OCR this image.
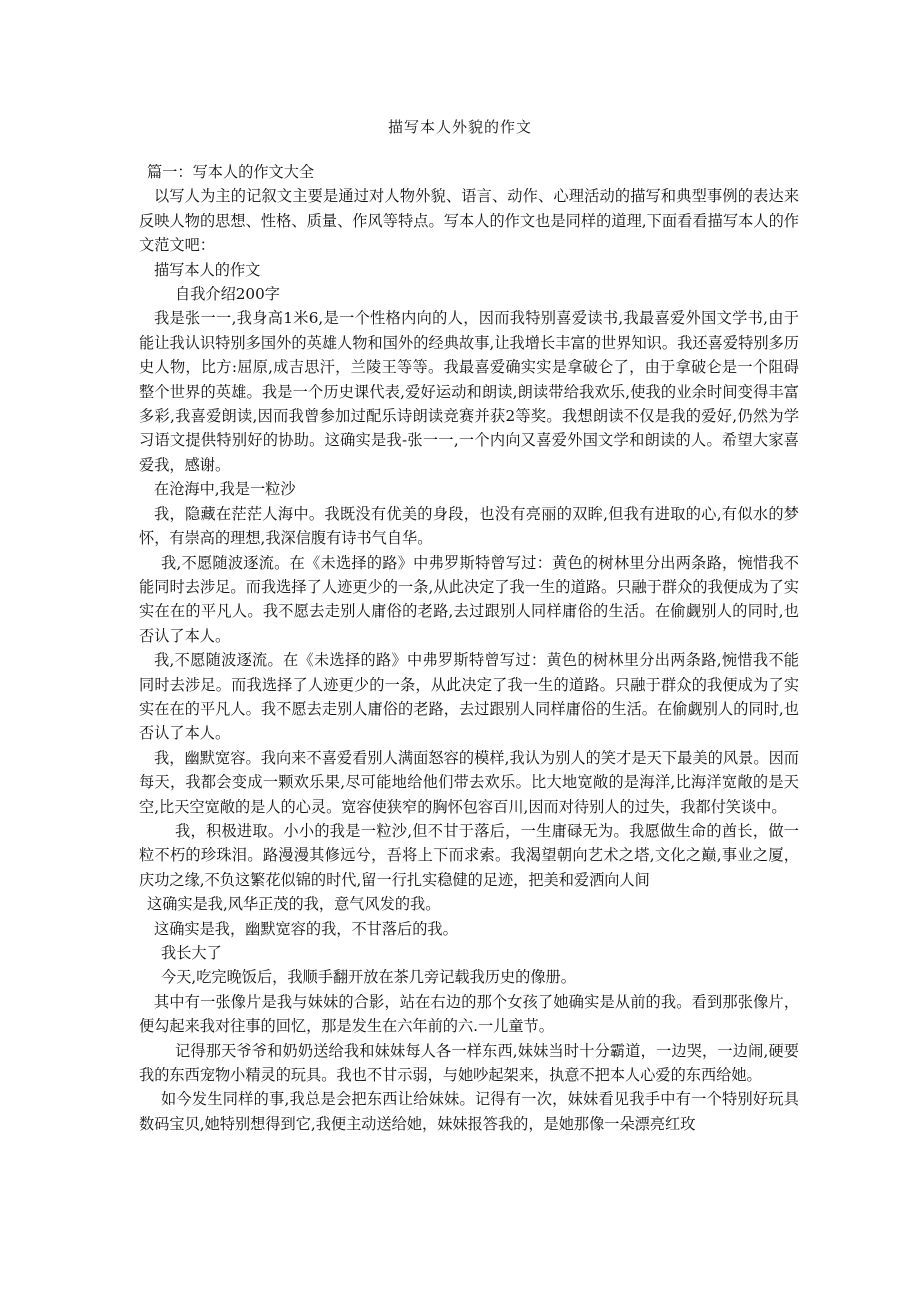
描写本人外貌的作文

篇一：写本人的作文大全

以写人为主的记叙文主要是通过对人物外貌、语言、动作、心理活动的描写和典型事例的表达来反映人物的思想、性格、质量、作风等特点。写本人的作文也是同样的道理,下面看看描写本人的作文范文吧：

描写本人的作文

自我介绍200字

我是张一一,我身高1米6,是一个性格内向的人，因而我特别喜爱读书,我最喜爱外国文学书,由于能让我认识特别多国外的英雄人物和国外的经典故事,让我增长丰富的世界知识。我还喜爱特别多历史人物，比方:屈原,成吉思汗，兰陵王等等。我最喜爱确实实是拿破仑了，由于拿破仑是一个阻碍整个世界的英雄。我是一个历史课代表,爱好运动和朗读,朗读带给我欢乐,使我的业余时间变得丰富多彩,我喜爱朗读,因而我曾参加过配乐诗朗读竞赛并获2等奖。我想朗读不仅是我的爱好,仍然为学习语文提供特别好的协助。这确实是我-张一一,一个内向又喜爱外国文学和朗读的人。希望大家喜爱我，感谢。

在沧海中,我是一粒沙

我，隐藏在茫茫人海中。我既没有优美的身段，也没有亮丽的双眸,但我有进取的心,有似水的梦怀，有崇高的理想,我深信腹有诗书气自华。

我,不愿随波逐流。在《未选择的路》中弗罗斯特曾写过：黄色的树林里分出两条路，惋惜我不能同时去涉足。而我选择了人迹更少的一条,从此决定了我一生的道路。只融于群众的我便成为了实实在在的平凡人。我不愿去走别人庸俗的老路,去过跟别人同样庸俗的生活。在偷觑别人的同时,也否认了本人。

我,不愿随波逐流。在《未选择的路》中弗罗斯特曾写过：黄色的树林里分出两条路,惋惜我不能同时去涉足。而我选择了人迹更少的一条，从此决定了我一生的道路。只融于群众的我便成为了实实在在的平凡人。我不愿去走别人庸俗的老路，去过跟别人同样庸俗的生活。在偷觑别人的同时,也否认了本人。

我，幽默宽容。我向来不喜爱看别人满面怒容的模样,我认为别人的笑才是天下最美的风景。因而每天，我都会变成一颗欢乐果,尽可能地给他们带去欢乐。比大地宽敞的是海洋,比海洋宽敞的是天空,比天空宽敞的是人的心灵。宽容使狭窄的胸怀包容百川,因而对待别人的过失，我都付笑谈中。

我，积极进取。小小的我是一粒沙,但不甘于落后，一生庸碌无为。我愿做生命的酋长，做一粒不朽的珍珠泪。路漫漫其修远兮，吾将上下而求索。我渴望朝向艺术之塔,文化之巅,事业之厦，庆功之缘,不负这繁花似锦的时代,留一行扎实稳健的足迹，把美和爱洒向人间

这确实是我,风华正茂的我，意气风发的我。

这确实是我，幽默宽容的我，不甘落后的我。

我长大了

今天,吃完晚饭后，我顺手翻开放在茶几旁记载我历史的像册。

其中有一张像片是我与妹妹的合影，站在右边的那个女孩了她确实是从前的我。看到那张像片，便勾起来我对往事的回忆，那是发生在六年前的六.一儿童节。

记得那天爷爷和奶奶送给我和妹妹每人各一样东西,妹妹当时十分霸道，一边哭，一边闹,硬要我的东西宠物小精灵的玩具。我也不甘示弱，与她吵起架来，执意不把本人心爱的东西给她。

如今发生同样的事,我总是会把东西让给妹妹。记得有一次，妹妹看见我手中有一个特别好玩具数码宝贝,她特别想得到它,我便主动送给她，妹妹报答我的，是她那像一朵漂亮红玫
